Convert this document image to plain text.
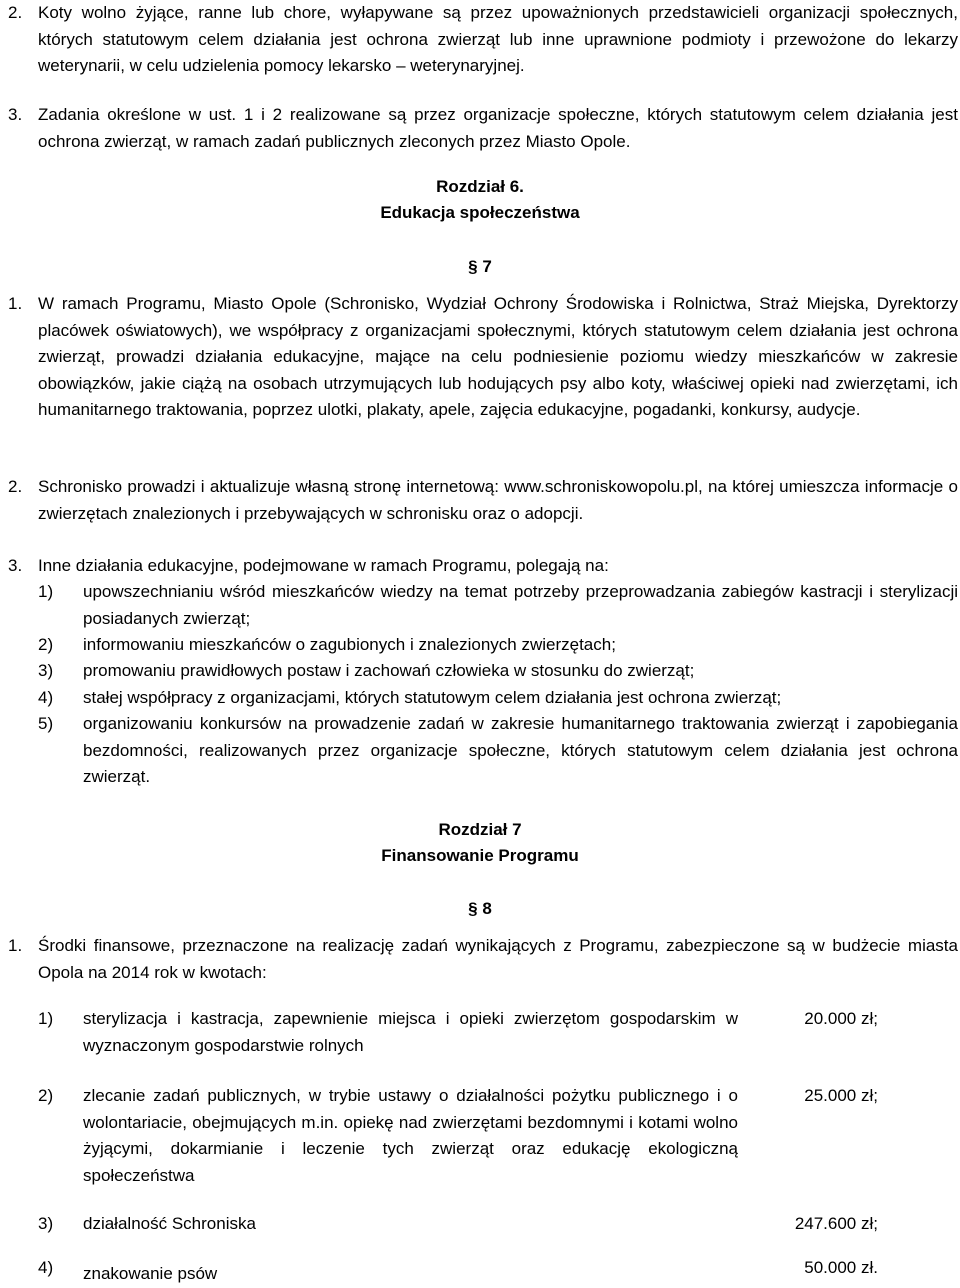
2. Koty wolno żyjące, ranne lub chore, wyłapywane są przez upoważnionych przedstawicieli organizacji społecznych, których statutowym celem działania jest ochrona zwierząt lub inne uprawnione podmioty i przewożone do lekarzy weterynarii, w celu udzielenia pomocy lekarsko – weterynaryjnej.
3. Zadania określone w ust. 1 i 2 realizowane są przez organizacje społeczne, których statutowym celem działania jest ochrona zwierząt, w ramach zadań publicznych zleconych przez Miasto Opole.
Rozdział 6.
Edukacja społeczeństwa
§ 7
1. W ramach Programu, Miasto Opole (Schronisko, Wydział Ochrony Środowiska i Rolnictwa, Straż Miejska, Dyrektorzy placówek oświatowych), we współpracy z organizacjami społecznymi, których statutowym celem działania jest ochrona zwierząt, prowadzi działania edukacyjne, mające na celu podniesienie poziomu wiedzy mieszkańców w zakresie obowiązków, jakie ciążą na osobach utrzymujących lub hodujących psy albo koty, właściwej opieki nad zwierzętami, ich humanitarnego traktowania, poprzez ulotki, plakaty, apele, zajęcia edukacyjne, pogadanki, konkursy, audycje.
2. Schronisko prowadzi i aktualizuje własną stronę internetową: www.schroniskowopolu.pl, na której umieszcza informacje o zwierzętach znalezionych i przebywających w schronisku oraz o adopcji.
3. Inne działania edukacyjne, podejmowane w ramach Programu, polegają na:
1) upowszechnianiu wśród mieszkańców wiedzy na temat potrzeby przeprowadzania zabiegów kastracji i sterylizacji posiadanych zwierząt;
2) informowaniu mieszkańców o zagubionych i znalezionych zwierzętach;
3) promowaniu prawidłowych postaw i zachowań człowieka w stosunku do zwierząt;
4) stałej współpracy z organizacjami, których statutowym celem działania jest ochrona zwierząt;
5) organizowaniu konkursów na prowadzenie zadań w zakresie humanitarnego traktowania zwierząt i zapobiegania bezdomności, realizowanych przez organizacje społeczne, których statutowym celem działania jest ochrona zwierząt.
Rozdział 7
Finansowanie Programu
§ 8
1. Środki finansowe, przeznaczone na realizację zadań wynikających z Programu, zabezpieczone są w budżecie miasta Opola na 2014 rok w kwotach:
1) sterylizacja i kastracja, zapewnienie miejsca i opieki zwierzętom gospodarskim w wyznaczonym gospodarstwie rolnych
20.000 zł;
2) zlecanie zadań publicznych, w trybie ustawy o działalności pożytku publicznego i o wolontariacie, obejmujących m.in. opiekę nad zwierzętami bezdomnymi i kotami wolno żyjącymi, dokarmianie i leczenie tych zwierząt oraz edukację ekologiczną społeczeństwa
25.000 zł;
3) działalność Schroniska	247.600 zł;
4) znakowanie psów	50.000 zł.
